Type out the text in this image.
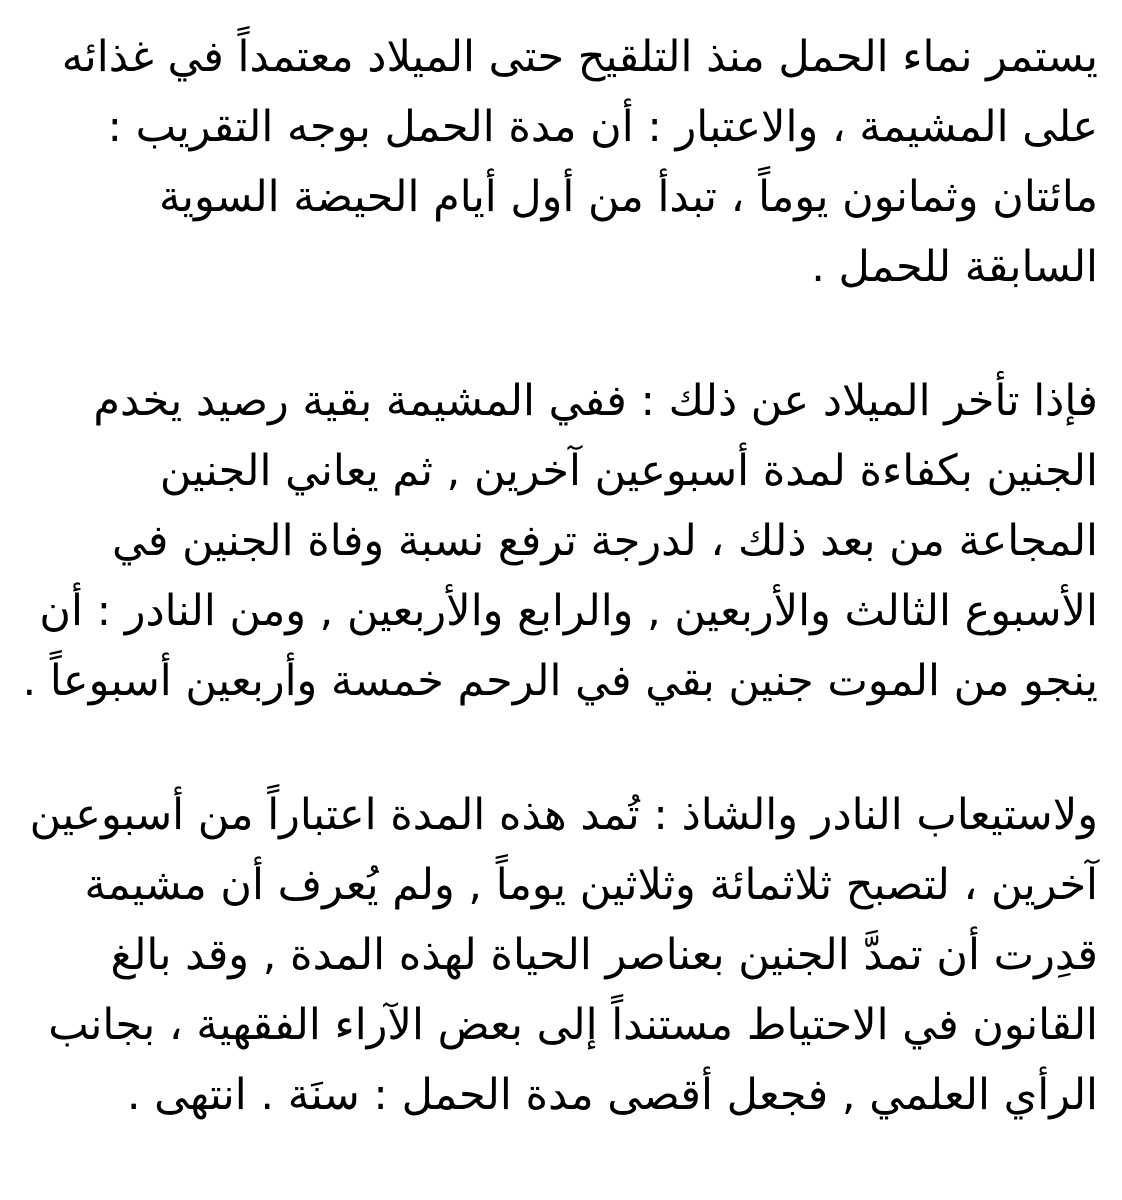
يستمر نماء الحمل منذ التلقيح حتى الميلاد معتمداً في غذائه
على المشيمة ، والاعتبار : أن مدة الحمل بوجه التقريب :
مائتان وثمانون يوماً ، تبدأ من أول أيام الحيضة السوية
السابقة للحمل .
فإذا تأخر الميلاد عن ذلك : ففي المشيمة بقية رصيد يخدم
الجنين بكفاءة لمدة أسبوعين آخرين , ثم يعاني الجنين
المجاعة من بعد ذلك ، لدرجة ترفع نسبة وفاة الجنين في
الأسبوع الثالث والأربعين , والرابع والأربعين , ومن النادر : أن
ينجو من الموت جنين بقي في الرحم خمسة وأربعين أسبوعاً .
ولاستيعاب النادر والشاذ : تُمد هذه المدة اعتباراً من أسبوعين
آخرين ، لتصبح ثلاثمائة وثلاثين يوماً , ولم يُعرف أن مشيمة
قدِرت أن تمدَّ الجنين بعناصر الحياة لهذه المدة , وقد بالغ
القانون في الاحتياط مستنداً إلى بعض الآراء الفقهية ، بجانب
الرأي العلمي , فجعل أقصى مدة الحمل : سنَة . انتهى .
